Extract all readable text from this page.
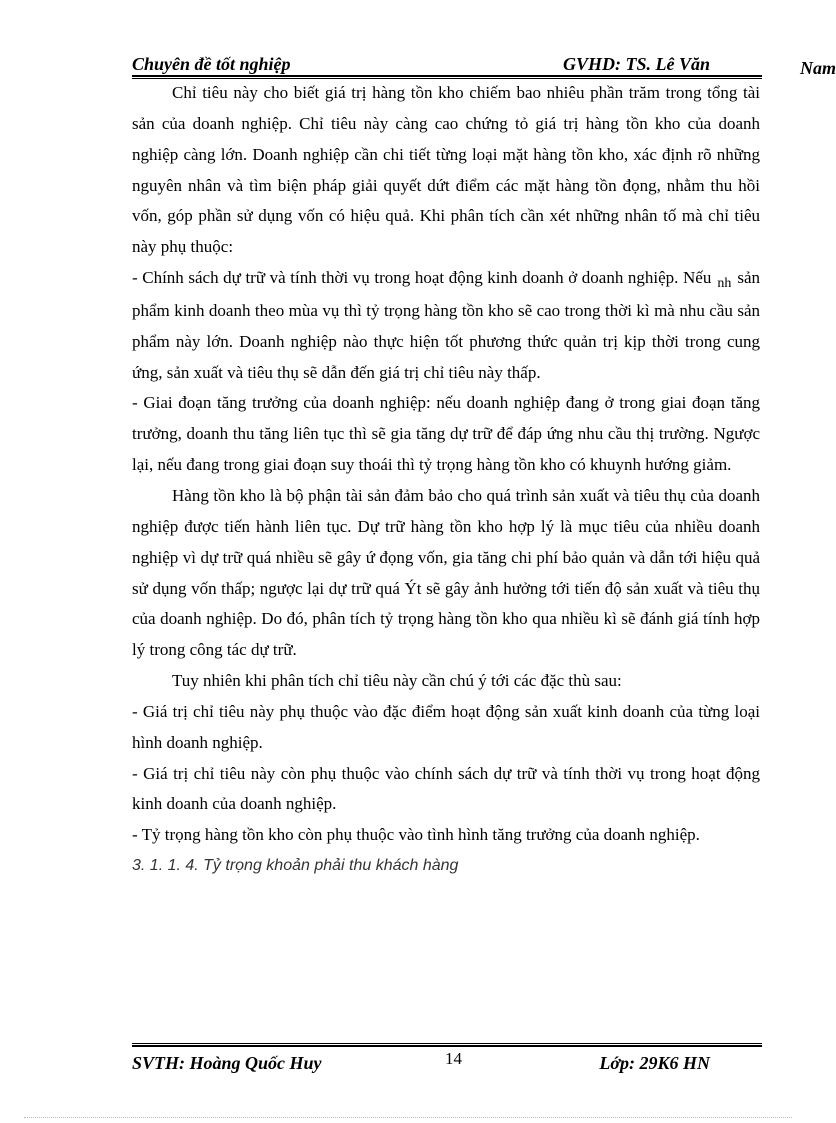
Chuyên đề tốt nghiệp	GVHD: TS. Lê Văn	Nam

Chỉ tiêu này cho biết giá trị hàng tồn kho chiếm bao nhiêu phần trăm trong tổng tài sản của doanh nghiệp. Chỉ tiêu này càng cao chứng tỏ giá trị hàng tồn kho của doanh nghiệp càng lớn. Doanh nghiệp cần chi tiết từng loại mặt hàng tồn kho, xác định rõ những nguyên nhân và tìm biện pháp giải quyết dứt điểm các mặt hàng tồn đọng, nhằm thu hồi vốn, góp phần sử dụng vốn có hiệu quả. Khi phân tích cần xét những nhân tố mà chỉ tiêu này phụ thuộc:

- Chính sách dự trữ và tính thời vụ trong hoạt động kinh doanh ở doanh nghiệp. Nếu $_{nh}$ sản phẩm kinh doanh theo mùa vụ thì tỷ trọng hàng tồn kho sẽ cao trong thời kì mà nhu cầu sản phẩm này lớn. Doanh nghiệp nào thực hiện tốt phương thức quản trị kịp thời trong cung ứng, sản xuất và tiêu thụ sẽ dẫn đến giá trị chỉ tiêu này thấp.

- Giai đoạn tăng trưởng của doanh nghiệp: nếu doanh nghiệp đang ở trong giai đoạn tăng trưởng, doanh thu tăng liên tục thì sẽ gia tăng dự trữ để đáp ứng nhu cầu thị trường. Ngược lại, nếu đang trong giai đoạn suy thoái thì tỷ trọng hàng tồn kho có khuynh hướng giảm.

Hàng tồn kho là bộ phận tài sản đảm bảo cho quá trình sản xuất và tiêu thụ của doanh nghiệp được tiến hành liên tục. Dự trữ hàng tồn kho hợp lý là mục tiêu của nhiều doanh nghiệp vì dự trữ quá nhiều sẽ gây ứ đọng vốn, gia tăng chi phí bảo quản và dẫn tới hiệu quả sử dụng vốn thấp; ngược lại dự trữ quá Ýt sẽ gây ảnh hưởng tới tiến độ sản xuất và tiêu thụ của doanh nghiệp. Do đó, phân tích tỷ trọng hàng tồn kho qua nhiều kì sẽ đánh giá tính hợp lý trong công tác dự trữ.

Tuy nhiên khi phân tích chỉ tiêu này cần chú ý tới các đặc thù sau:

- Giá trị chỉ tiêu này phụ thuộc vào đặc điểm hoạt động sản xuất kinh doanh của từng loại hình doanh nghiệp.

- Giá trị chỉ tiêu này còn phụ thuộc vào chính sách dự trữ và tính thời vụ trong hoạt động kinh doanh của doanh nghiệp.

- Tỷ trọng hàng tồn kho còn phụ thuộc vào tình hình tăng trưởng của doanh nghiệp.

3. 1. 1. 4. Tỷ trọng khoản phải thu khách hàng

SVTH: Hoàng Quốc Huy	14	Lớp: 29K6 HN
